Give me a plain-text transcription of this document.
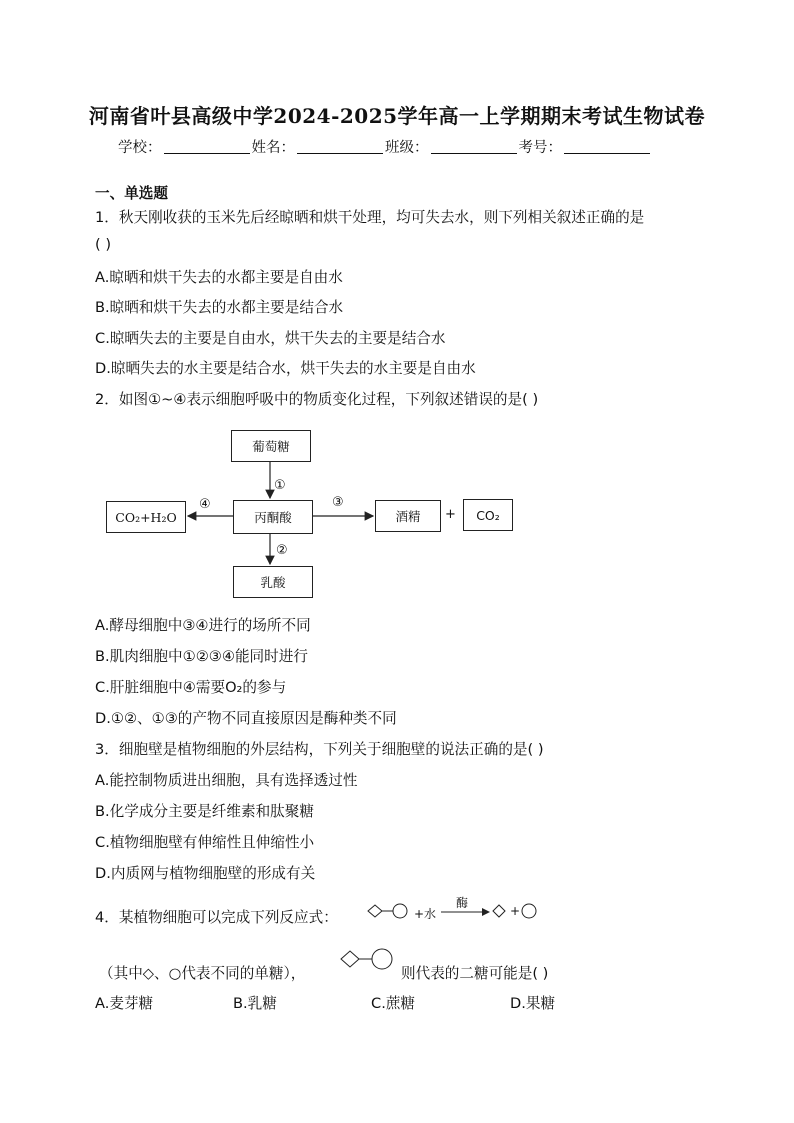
河南省叶县高级中学2024-2025学年高一上学期期末考试生物试卷
学校：	姓名：	班级：	考号：
一、单选题
1．秋天刚收获的玉米先后经晾晒和烘干处理，均可失去水，则下列相关叙述正确的是
( )
A.晾晒和烘干失去的水都主要是自由水
B.晾晒和烘干失去的水都主要是结合水
C.晾晒失去的主要是自由水，烘干失去的主要是结合水
D.晾晒失去的水主要是结合水，烘干失去的水主要是自由水
2．如图①~④表示细胞呼吸中的物质变化过程，下列叙述错误的是( )
葡萄糖
丙酮酸
乳酸
酒精	+	CO₂
CO₂+H₂O
①
②
③
④
A.酵母细胞中③④进行的场所不同
B.肌肉细胞中①②③④能同时进行
C.肝脏细胞中④需要O₂的参与
D.①②、①③的产物不同直接原因是酶种类不同
3．细胞壁是植物细胞的外层结构，下列关于细胞壁的说法正确的是( )
A.能控制物质进出细胞，具有选择透过性
B.化学成分主要是纤维素和肽聚糖
C.植物细胞壁有伸缩性且伸缩性小
D.内质网与植物细胞壁的形成有关
4．某植物细胞可以完成下列反应式：	+水
酶
+
（其中◇、○代表不同的单糖），	则代表的二糖可能是( )
A.麦芽糖	B.乳糖	C.蔗糖	D.果糖
